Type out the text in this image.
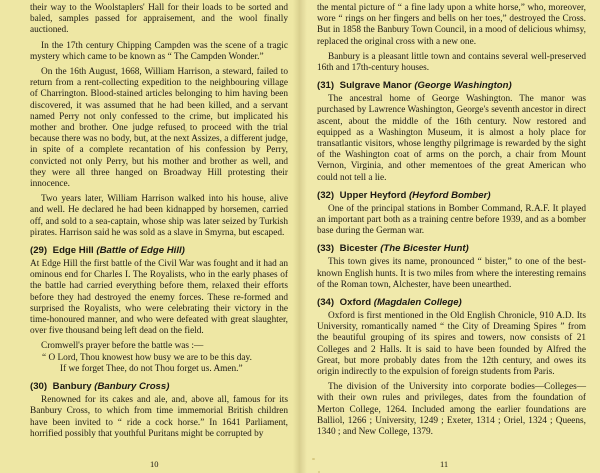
their way to the Woolstaplers' Hall for their loads to be sorted and baled, samples passed for appraisement, and the wool finally auctioned.

In the 17th century Chipping Campden was the scene of a tragic mystery which came to be known as “ The Campden Wonder.”

On the 16th August, 1668, William Harrison, a steward, failed to return from a rent-collecting expedition to the neighbouring village of Charrington. Blood-stained articles belonging to him having been discovered, it was assumed that he had been killed, and a servant named Perry not only confessed to the crime, but implicated his mother and brother. One judge refused to proceed with the trial because there was no body, but, at the next Assizes, a different judge, in spite of a complete recantation of his confession by Perry, convicted not only Perry, but his mother and brother as well, and they were all three hanged on Broadway Hill protesting their innocence.

Two years later, William Harrison walked into his house, alive and well. He declared he had been kidnapped by horsemen, carried off, and sold to a sea-captain, whose ship was later seized by Turkish pirates. Harrison said he was sold as a slave in Smyrna, but escaped.

(29) Edge Hill (Battle of Edge Hill)

At Edge Hill the first battle of the Civil War was fought and it had an ominous end for Charles I. The Royalists, who in the early phases of the battle had carried everything before them, relaxed their efforts before they had destroyed the enemy forces. These re-formed and surprised the Royalists, who were celebrating their victory in the time-honoured manner, and who were defeated with great slaughter, over five thousand being left dead on the field.

Cromwell's prayer before the battle was :—

“ O Lord, Thou knowest how busy we are to be this day.
If we forget Thee, do not Thou forget us. Amen.”
(30) Banbury (Banbury Cross)

Renowned for its cakes and ale, and, above all, famous for its Banbury Cross, to which from time immemorial British children have been invited to “ ride a cock horse.” In 1641 Parliament, horrified possibly that youthful Puritans might be corrupted by

10

the mental picture of “ a fine lady upon a white horse,” who, moreover, wore “ rings on her fingers and bells on her toes,” destroyed the Cross. But in 1858 the Banbury Town Council, in a mood of delicious whimsy, replaced the original cross with a new one.

Banbury is a pleasant little town and contains several well-preserved 16th and 17th-century houses.

(31) Sulgrave Manor (George Washington)

The ancestral home of George Washington. The manor was purchased by Lawrence Washington, George's seventh ancestor in direct ascent, about the middle of the 16th century. Now restored and equipped as a Washington Museum, it is almost a holy place for transatlantic visitors, whose lengthy pilgrimage is rewarded by the sight of the Washington coat of arms on the porch, a chair from Mount Vernon, Virginia, and other mementoes of the great American who could not tell a lie.

(32) Upper Heyford (Heyford Bomber)

One of the principal stations in Bomber Command, R.A.F. It played an important part both as a training centre before 1939, and as a bomber base during the German war.

(33) Bicester (The Bicester Hunt)

This town gives its name, pronounced “ bister,” to one of the best-known English hunts. It is two miles from where the interesting remains of the Roman town, Alchester, have been unearthed.

(34) Oxford (Magdalen College)

Oxford is first mentioned in the Old English Chronicle, 910 A.D. Its University, romantically named “ the City of Dreaming Spires ” from the beautiful grouping of its spires and towers, now consists of 21 Colleges and 2 Halls. It is said to have been founded by Alfred the Great, but more probably dates from the 12th century, and owes its origin indirectly to the expulsion of foreign students from Paris.

The division of the University into corporate bodies—Colleges—with their own rules and privileges, dates from the foundation of Merton College, 1264. Included among the earlier foundations are Balliol, 1266 ; University, 1249 ; Exeter, 1314 ; Oriel, 1324 ; Queens, 1340 ; and New College, 1379.

11
